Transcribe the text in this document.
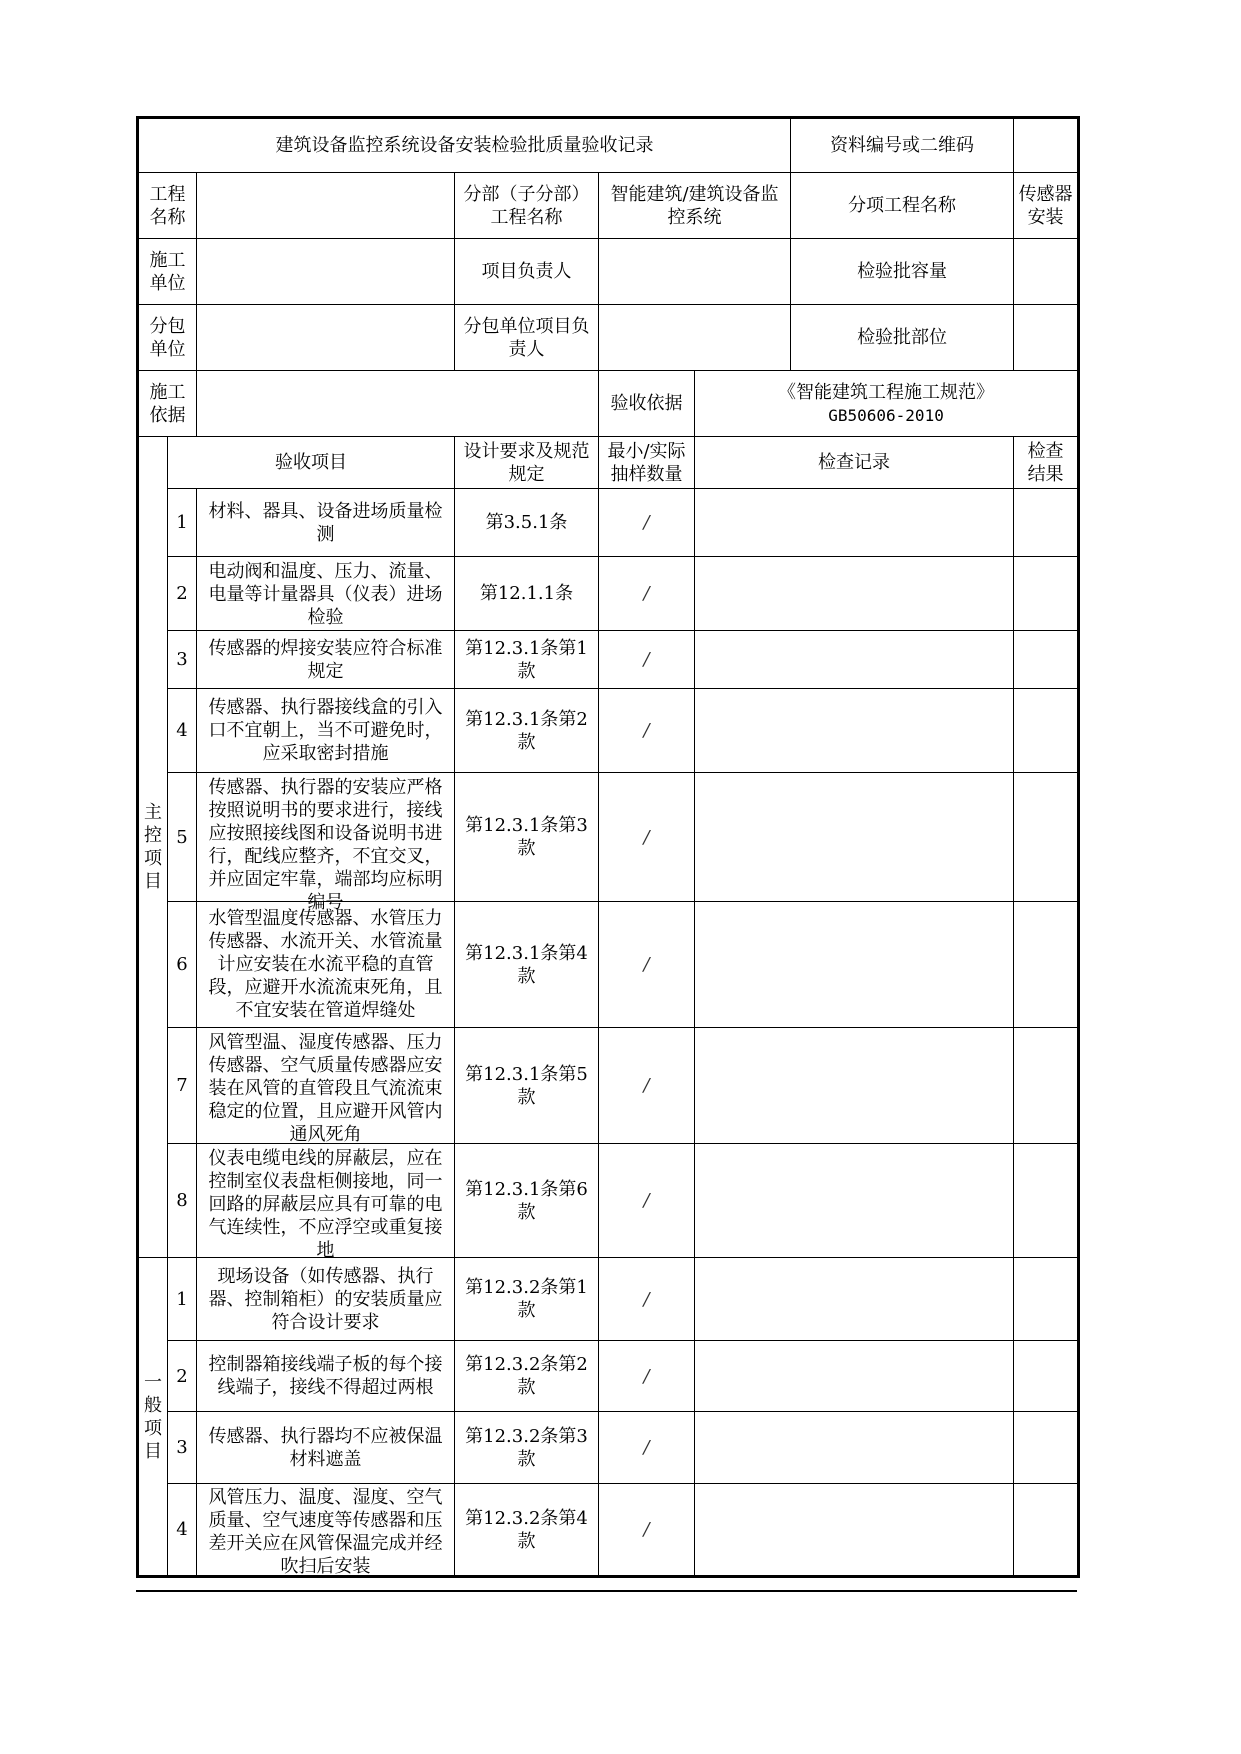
建筑设备监控系统设备安装检验批质量验收记录						资料编号或二维码	
工程名称			分部（子分部）工程名称	智能建筑/建筑设备监控系统		分项工程名称	传感器安装
施工单位			项目负责人			检验批容量	
分包单位			分包单位项目负责人			检验批部位	
施工依据				验收依据	《智能建筑工程施工规范》
GB50606-2010		

主控项目	验收项目		设计要求及规范规定	最小/实际抽样数量	检查记录		检查结果
	1	材料、器具、设备进场质量检测	第3.5.1条	/			
	2	电动阀和温度、压力、流量、电量等计量器具（仪表）进场检验	第12.1.1条	/			
	3	传感器的焊接安装应符合标准规定	第12.3.1条第1款	/			
	4	传感器、执行器接线盒的引入口不宜朝上，当不可避免时，应采取密封措施	第12.3.1条第2款	/			
	5	传感器、执行器的安装应严格按照说明书的要求进行，接线应按照接线图和设备说明书进行，配线应整齐，不宜交叉，并应固定牢靠，端部均应标明编号	第12.3.1条第3款	/			
	6	水管型温度传感器、水管压力传感器、水流开关、水管流量计应安装在水流平稳的直管段，应避开水流流束死角，且不宜安装在管道焊缝处	第12.3.1条第4款	/			
	7	风管型温、湿度传感器、压力传感器、空气质量传感器应安装在风管的直管段且气流流束稳定的位置，且应避开风管内通风死角	第12.3.1条第5款	/			
	8	仪表电缆电线的屏蔽层，应在控制室仪表盘柜侧接地，同一回路的屏蔽层应具有可靠的电气连续性，不应浮空或重复接地	第12.3.1条第6款	/			

一般项目	1	现场设备（如传感器、执行器、控制箱柜）的安装质量应符合设计要求	第12.3.2条第1款	/			
	2	控制器箱接线端子板的每个接线端子，接线不得超过两根	第12.3.2条第2款	/			
	3	传感器、执行器均不应被保温材料遮盖	第12.3.2条第3款	/			
	4	风管压力、温度、湿度、空气质量、空气速度等传感器和压差开关应在风管保温完成并经吹扫后安装	第12.3.2条第4款	/			
